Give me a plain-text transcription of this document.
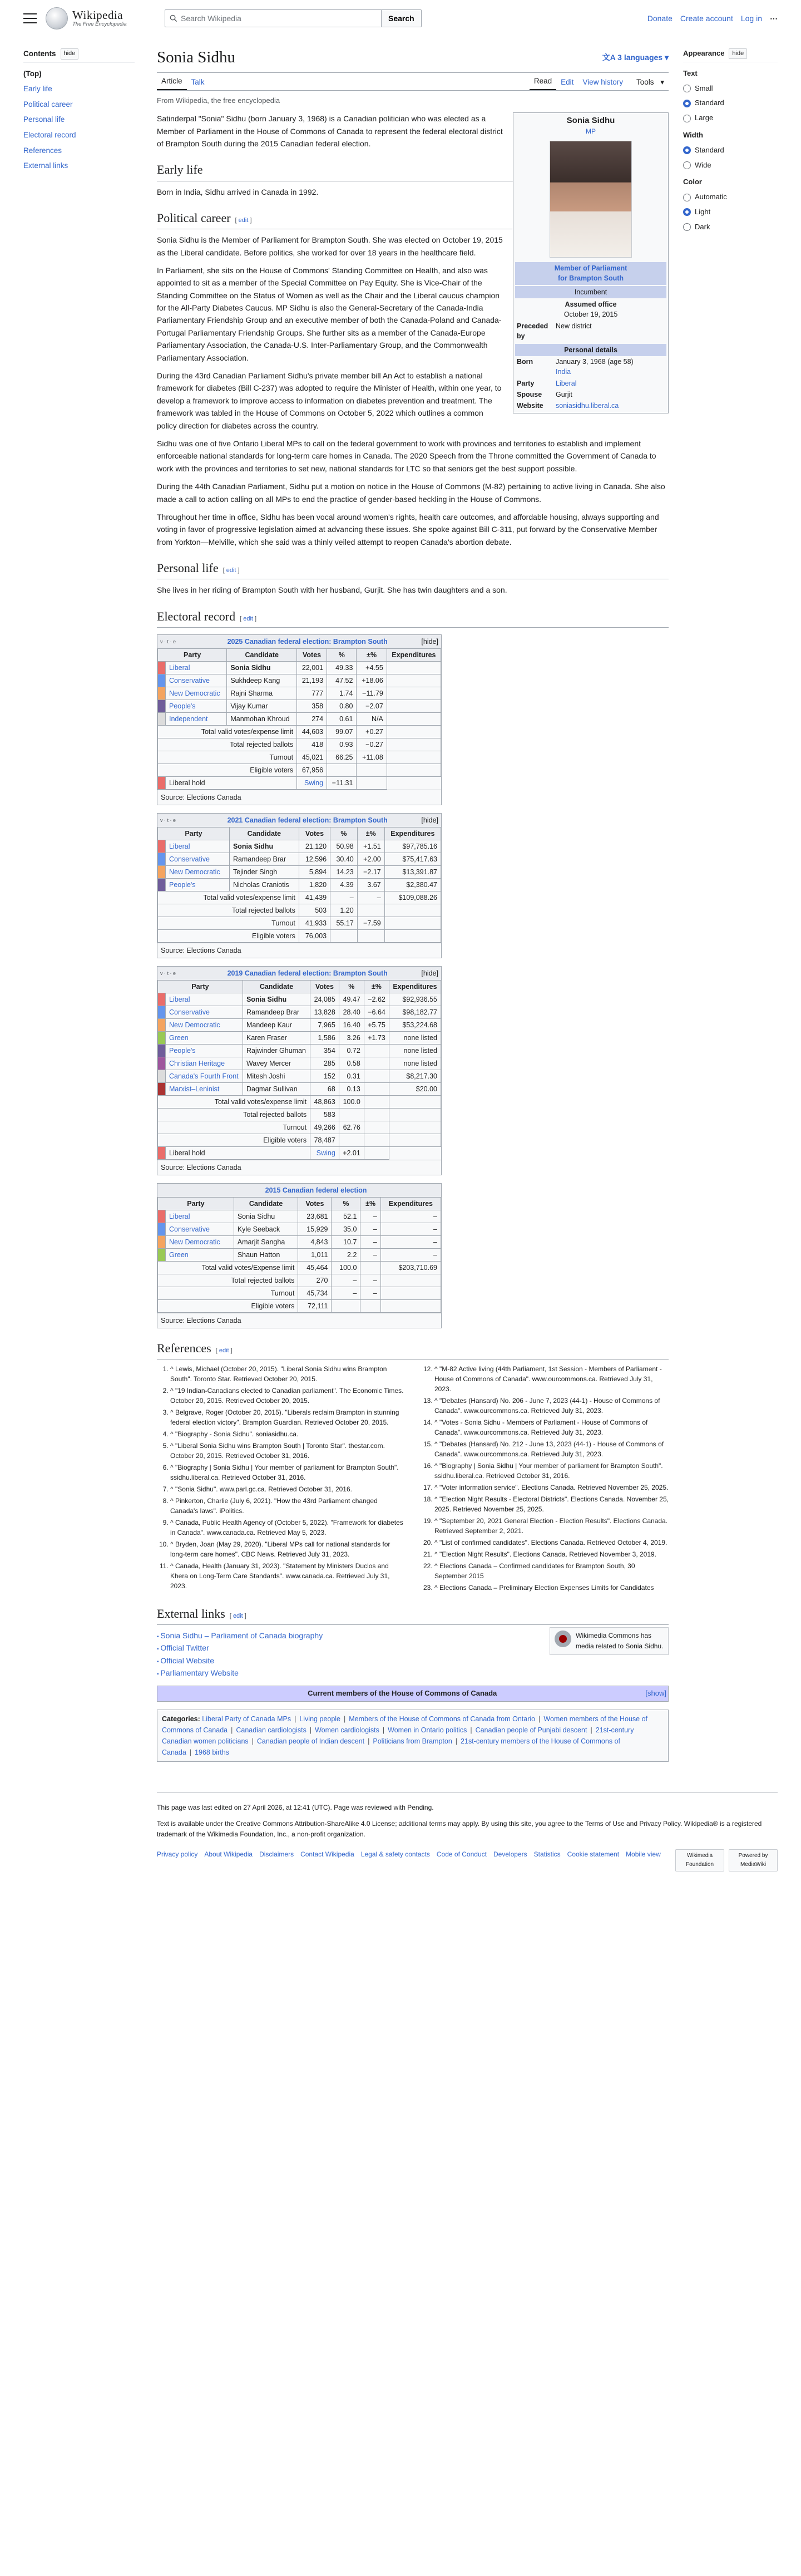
Wikipedia
The Free Encyclopedia
Search Wikipedia	Search	Donate Create account Log in ⋯
Appearance	hide
Text
Small
Standard
Large
Width
Standard
Wide
Color
Automatic
Light
Dark
Contents	hide
(Top)
Early life
Political career
Personal life
Electoral record
References
External links
Sonia Sidhu	文A 3 languages ▾
Article	Talk	Read	Edit	View history	Tools ▾
From Wikipedia, the free encyclopedia
Sonia Sidhu
MP
Member of Parliament
for Brampton South
Incumbent
Assumed office
October 19, 2015
Preceded by
New district
Personal details
Born	January 3, 1968 (age 58)
India
Party	Liberal
Spouse	Gurjit
Website	soniasidhu.liberal.ca

Satinderpal "Sonia" Sidhu (born January 3, 1968) is a Canadian politician who was elected as a Member of Parliament in the House of Commons of Canada to represent the federal electoral district of Brampton South during the 2015 Canadian federal election.

Early life

Born in India, Sidhu arrived in Canada in 1992.

Political career [ edit ]

Sonia Sidhu is the Member of Parliament for Brampton South. She was elected on October 19, 2015 as the Liberal candidate. Before politics, she worked for over 18 years in the healthcare field.

In Parliament, she sits on the House of Commons' Standing Committee on Health, and also was appointed to sit as a member of the Special Committee on Pay Equity. She is Vice-Chair of the Standing Committee on the Status of Women as well as the Chair and the Liberal caucus champion for the All-Party Diabetes Caucus. MP Sidhu is also the General-Secretary of the Canada-India Parliamentary Friendship Group and an executive member of both the Canada-Poland and Canada-Portugal Parliamentary Friendship Groups. She further sits as a member of the Canada-Europe Parliamentary Association, the Canada-U.S. Inter-Parliamentary Group, and the Commonwealth Parliamentary Association.

During the 43rd Canadian Parliament Sidhu's private member bill An Act to establish a national framework for diabetes (Bill C-237) was adopted to require the Minister of Health, within one year, to develop a framework to improve access to information on diabetes prevention and treatment. The framework was tabled in the House of Commons on October 5, 2022 which outlines a common policy direction for diabetes across the country.

Sidhu was one of five Ontario Liberal MPs to call on the federal government to work with provinces and territories to establish and implement enforceable national standards for long-term care homes in Canada. The 2020 Speech from the Throne committed the Government of Canada to work with the provinces and territories to set new, national standards for LTC so that seniors get the best support possible.

During the 44th Canadian Parliament, Sidhu put a motion on notice in the House of Commons (M-82) pertaining to active living in Canada. She also made a call to action calling on all MPs to end the practice of gender-based heckling in the House of Commons.

Throughout her time in office, Sidhu has been vocal around women's rights, health care outcomes, and affordable housing, always supporting and voting in favor of progressive legislation aimed at advancing these issues. She spoke against Bill C-311, put forward by the Conservative Member from Yorkton—Melville, which she said was a thinly veiled attempt to reopen Canada's abortion debate.

Personal life [ edit ]

She lives in her riding of Brampton South with her husband, Gurjit. She has twin daughters and a son.

Electoral record [ edit ]
v · t · e	2025 Canadian federal election: Brampton South	[hide]
Party		Candidate	Votes	%	±%	Expenditures
	Liberal	Sonia Sidhu	22,001	49.33	+4.55	
	Conservative	Sukhdeep Kang	21,193	47.52	+18.06	
	New Democratic	Rajni Sharma	777	1.74	−11.79	
	People's	Vijay Kumar	358	0.80	−2.07	
	Independent	Manmohan Khroud	274	0.61	N/A	
Total valid votes/expense limit			44,603	99.07	+0.27	
Total rejected ballots			418	0.93	−0.27	
Turnout			45,021	66.25	+11.08	
Eligible voters			67,956			
	Liberal hold		Swing	−11.31		
Source: Elections Canada
v · t · e	2021 Canadian federal election: Brampton South	[hide]
Party		Candidate	Votes	%	±%	Expenditures
	Liberal	Sonia Sidhu	21,120	50.98	+1.51	$97,785.16
	Conservative	Ramandeep Brar	12,596	30.40	+2.00	$75,417.63
	New Democratic	Tejinder Singh	5,894	14.23	−2.17	$13,391.87
	People's	Nicholas Craniotis	1,820	4.39	3.67	$2,380.47
Total valid votes/expense limit			41,439	–	–	$109,088.26
Total rejected ballots			503	1.20		
Turnout			41,933	55.17	−7.59	
Eligible voters			76,003			
Source: Elections Canada
v · t · e	2019 Canadian federal election: Brampton South	[hide]
Party		Candidate	Votes	%	±%	Expenditures
	Liberal	Sonia Sidhu	24,085	49.47	−2.62	$92,936.55
	Conservative	Ramandeep Brar	13,828	28.40	−6.64	$98,182.77
	New Democratic	Mandeep Kaur	7,965	16.40	+5.75	$53,224.68
	Green	Karen Fraser	1,586	3.26	+1.73	none listed
	People's	Rajwinder Ghuman	354	0.72		none listed
	Christian Heritage	Wavey Mercer	285	0.58		none listed
	Canada's Fourth Front	Mitesh Joshi	152	0.31		$8,217.30
	Marxist–Leninist	Dagmar Sullivan	68	0.13		$20.00
Total valid votes/expense limit			48,863	100.0		
Total rejected ballots			583			
Turnout			49,266	62.76		
Eligible voters			78,487			
	Liberal hold		Swing	+2.01		
Source: Elections Canada
2015 Canadian federal election
Party		Candidate	Votes	%	±%	Expenditures
	Liberal	Sonia Sidhu	23,681	52.1	–	–
	Conservative	Kyle Seeback	15,929	35.0	–	–
	New Democratic	Amarjit Sangha	4,843	10.7	–	–
	Green	Shaun Hatton	1,011	2.2	–	–
Total valid votes/Expense limit			45,464	100.0		$203,710.69
Total rejected ballots			270	–	–	
Turnout			45,734	–	–	
Eligible voters			72,111			
Source: Elections Canada
References [ edit ]
1. ^ Lewis, Michael (October 20, 2015). "Liberal Sonia Sidhu wins Brampton South". Toronto Star. Retrieved October 20, 2015.
2. ^ "19 Indian-Canadians elected to Canadian parliament". The Economic Times. October 20, 2015. Retrieved October 20, 2015.
3. ^ Belgrave, Roger (October 20, 2015). "Liberals reclaim Brampton in stunning federal election victory". Brampton Guardian. Retrieved October 20, 2015.
4. ^ "Biography - Sonia Sidhu". soniasidhu.ca.
5. ^ "Liberal Sonia Sidhu wins Brampton South | Toronto Star". thestar.com. October 20, 2015. Retrieved October 31, 2016.
6. ^ "Biography | Sonia Sidhu | Your member of parliament for Brampton South". ssidhu.liberal.ca. Retrieved October 31, 2016.
7. ^ "Sonia Sidhu". www.parl.gc.ca. Retrieved October 31, 2016.
8. ^ Pinkerton, Charlie (July 6, 2021). "How the 43rd Parliament changed Canada's laws". iPolitics.
9. ^ Canada, Public Health Agency of (October 5, 2022). "Framework for diabetes in Canada". www.canada.ca. Retrieved May 5, 2023.
10. ^ Bryden, Joan (May 29, 2020). "Liberal MPs call for national standards for long-term care homes". CBC News. Retrieved July 31, 2023.
11. ^ Canada, Health (January 31, 2023). "Statement by Ministers Duclos and Khera on Long-Term Care Standards". www.canada.ca. Retrieved July 31, 2023.
12. ^ "M-82 Active living (44th Parliament, 1st Session - Members of Parliament - House of Commons of Canada". www.ourcommons.ca. Retrieved July 31, 2023.
13. ^ "Debates (Hansard) No. 206 - June 7, 2023 (44-1) - House of Commons of Canada". www.ourcommons.ca. Retrieved July 31, 2023.
14. ^ "Votes - Sonia Sidhu - Members of Parliament - House of Commons of Canada". www.ourcommons.ca. Retrieved July 31, 2023.
15. ^ "Debates (Hansard) No. 212 - June 13, 2023 (44-1) - House of Commons of Canada". www.ourcommons.ca. Retrieved July 31, 2023.
16. ^ "Biography | Sonia Sidhu | Your member of parliament for Brampton South". ssidhu.liberal.ca. Retrieved October 31, 2016.
17. ^ "Voter information service". Elections Canada. Retrieved November 25, 2025.
18. ^ "Election Night Results - Electoral Districts". Elections Canada. November 25, 2025. Retrieved November 25, 2025.
19. ^ "September 20, 2021 General Election - Election Results". Elections Canada. Retrieved September 2, 2021.
20. ^ "List of confirmed candidates". Elections Canada. Retrieved October 4, 2019.
21. ^ "Election Night Results". Elections Canada. Retrieved November 3, 2019.
22. ^ Elections Canada – Confirmed candidates for Brampton South, 30 September 2015
23. ^ Elections Canada – Preliminary Election Expenses Limits for Candidates
External links [ edit ]
Wikimedia Commons has media related to Sonia Sidhu.
▪ Sonia Sidhu – Parliament of Canada biography
▪ Official Twitter
▪ Official Website
▪ Parliamentary Website
Current members of the House of Commons of Canada	[show]
Categories: Liberal Party of Canada MPs | Living people | Members of the House of Commons of Canada from Ontario | Women members of the House of Commons of Canada | Canadian cardiologists | Women cardiologists | Women in Ontario politics | Canadian people of Punjabi descent | 21st-century Canadian women politicians | Canadian people of Indian descent | Politicians from Brampton | 21st-century members of the House of Commons of Canada | 1968 births

This page was last edited on 27 April 2026, at 12:41 (UTC). Page was reviewed with Pending.

Text is available under the Creative Commons Attribution-ShareAlike 4.0 License; additional terms may apply. By using this site, you agree to the Terms of Use and Privacy Policy. Wikipedia® is a registered trademark of the Wikimedia Foundation, Inc., a non-profit organization.

Privacy policy About Wikipedia Disclaimers Contact Wikipedia Legal & safety contacts Code of Conduct Developers Statistics Cookie statement Mobile view	Wikimedia Foundation
Powered by MediaWiki
